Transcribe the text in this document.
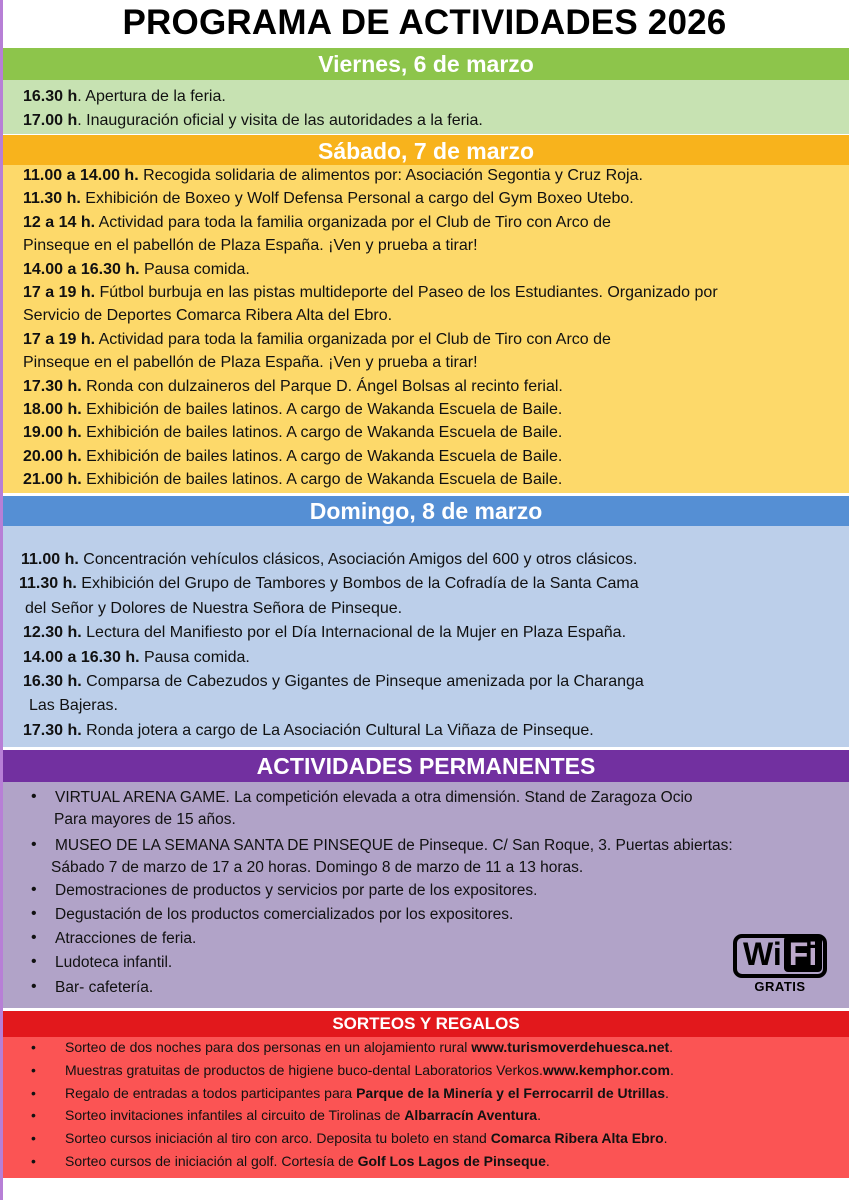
PROGRAMA DE ACTIVIDADES 2026
Viernes, 6 de marzo
16.30 h. Apertura de la feria.
17.00 h. Inauguración oficial y visita de las autoridades a la feria.
Sábado, 7 de marzo
11.00 a 14.00 h. Recogida solidaria de alimentos por: Asociación Segontia y Cruz Roja.
11.30 h. Exhibición de Boxeo y Wolf Defensa Personal a cargo del Gym Boxeo Utebo.
12 a 14 h. Actividad para toda la familia organizada por el Club de Tiro con Arco de
Pinseque en el pabellón de Plaza España. ¡Ven y prueba a tirar!
14.00 a 16.30 h. Pausa comida.
17 a 19 h. Fútbol burbuja en las pistas multideporte del Paseo de los Estudiantes. Organizado por
Servicio de Deportes Comarca Ribera Alta del Ebro.
17 a 19 h. Actividad para toda la familia organizada por el Club de Tiro con Arco de
Pinseque en el pabellón de Plaza España. ¡Ven y prueba a tirar!
17.30 h. Ronda con dulzaineros del Parque D. Ángel Bolsas al recinto ferial.
18.00 h. Exhibición de bailes latinos. A cargo de Wakanda Escuela de Baile.
19.00 h. Exhibición de bailes latinos. A cargo de Wakanda Escuela de Baile.
20.00 h. Exhibición de bailes latinos. A cargo de Wakanda Escuela de Baile.
21.00 h. Exhibición de bailes latinos. A cargo de Wakanda Escuela de Baile.
Domingo, 8 de marzo
11.00 h. Concentración vehículos clásicos, Asociación Amigos del 600 y otros clásicos.
11.30 h. Exhibición del Grupo de Tambores y Bombos de la Cofradía de la Santa Cama
del Señor y Dolores de Nuestra Señora de Pinseque.
12.30 h. Lectura del Manifiesto por el Día Internacional de la Mujer en Plaza España.
14.00 a 16.30 h. Pausa comida.
16.30 h. Comparsa de Cabezudos y Gigantes de Pinseque amenizada por la Charanga
Las Bajeras.
17.30 h. Ronda jotera a cargo de La Asociación Cultural La Viñaza de Pinseque.
ACTIVIDADES PERMANENTES
• VIRTUAL ARENA GAME. La competición elevada a otra dimensión. Stand de Zaragoza Ocio
Para mayores de 15 años.
• MUSEO DE LA SEMANA SANTA DE PINSEQUE de Pinseque. C/ San Roque, 3. Puertas abiertas:
Sábado 7 de marzo de 17 a 20 horas. Domingo 8 de marzo de 11 a 13 horas.
• Demostraciones de productos y servicios por parte de los expositores.
• Degustación de los productos comercializados por los expositores.
• Atracciones de feria.
• Ludoteca infantil.
• Bar- cafetería.
Wi Fi
GRATIS
SORTEOS Y REGALOS
• Sorteo de dos noches para dos personas en un alojamiento rural www.turismoverdehuesca.net.
• Muestras gratuitas de productos de higiene buco-dental Laboratorios Verkos.www.kemphor.com.
• Regalo de entradas a todos participantes para Parque de la Minería y el Ferrocarril de Utrillas.
• Sorteo invitaciones infantiles al circuito de Tirolinas de Albarracín Aventura.
• Sorteo cursos iniciación al tiro con arco. Deposita tu boleto en stand Comarca Ribera Alta Ebro.
• Sorteo cursos de iniciación al golf. Cortesía de Golf Los Lagos de Pinseque.
